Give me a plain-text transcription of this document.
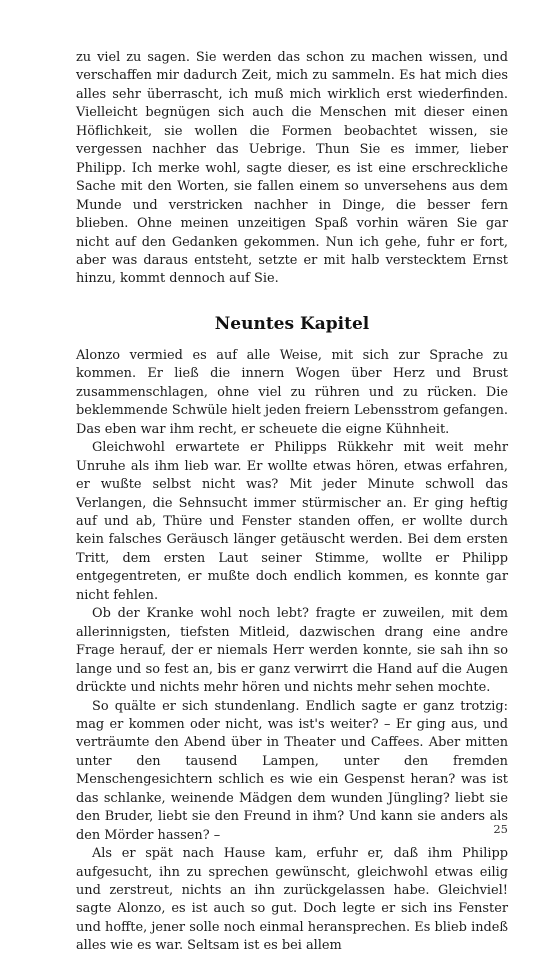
zu viel zu sagen. Sie werden das schon zu machen wissen, und verschaffen mir dadurch Zeit, mich zu sammeln. Es hat mich dies alles sehr überrascht, ich muß mich wirklich erst wiederfinden. Vielleicht begnügen sich auch die Menschen mit dieser einen Höflichkeit, sie wollen die Formen beobachtet wissen, sie vergessen nachher das Uebrige. Thun Sie es immer, lieber Philipp. Ich merke wohl, sagte dieser, es ist eine erschreckliche Sache mit den Worten, sie fallen einem so unversehens aus dem Munde und verstricken nachher in Dinge, die besser fern blieben. Ohne meinen unzeitigen Spaß vorhin wären Sie gar nicht auf den Gedanken gekommen. Nun ich gehe, fuhr er fort, aber was daraus entsteht, setzte er mit halb verstecktem Ernst hinzu, kommt dennoch auf Sie.

Neuntes Kapitel

Alonzo vermied es auf alle Weise, mit sich zur Sprache zu kommen. Er ließ die innern Wogen über Herz und Brust zusammenschlagen, ohne viel zu rühren und zu rücken. Die beklemmende Schwüle hielt jeden freiern Lebensstrom gefangen. Das eben war ihm recht, er scheuete die eigne Kühnheit.

Gleichwohl erwartete er Philipps Rükkehr mit weit mehr Unruhe als ihm lieb war. Er wollte etwas hören, etwas erfahren, er wußte selbst nicht was? Mit jeder Minute schwoll das Verlangen, die Sehnsucht immer stürmischer an. Er ging heftig auf und ab, Thüre und Fenster standen offen, er wollte durch kein falsches Geräusch länger getäuscht werden. Bei dem ersten Tritt, dem ersten Laut seiner Stimme, wollte er Philipp entgegentreten, er mußte doch endlich kommen, es konnte gar nicht fehlen.

Ob der Kranke wohl noch lebt? fragte er zuweilen, mit dem allerinnigsten, tiefsten Mitleid, dazwischen drang eine andre Frage herauf, der er niemals Herr werden konnte, sie sah ihn so lange und so fest an, bis er ganz verwirrt die Hand auf die Augen drückte und nichts mehr hören und nichts mehr sehen mochte.

So quälte er sich stundenlang. Endlich sagte er ganz trotzig: mag er kommen oder nicht, was ist's weiter? – Er ging aus, und verträumte den Abend über in Theater und Caffees. Aber mitten unter den tausend Lampen, unter den fremden Menschengesichtern schlich es wie ein Gespenst heran? was ist das schlanke, weinende Mädgen dem wunden Jüngling? liebt sie den Bruder, liebt sie den Freund in ihm? Und kann sie anders als den Mörder hassen? –

Als er spät nach Hause kam, erfuhr er, daß ihm Philipp aufgesucht, ihn zu sprechen gewünscht, gleichwohl etwas eilig und zerstreut, nichts an ihn zurückgelassen habe. Gleichviel! sagte Alonzo, es ist auch so gut. Doch legte er sich ins Fenster und hoffte, jener solle noch einmal heransprechen. Es blieb indeß alles wie es war. Seltsam ist es bei allem

25
